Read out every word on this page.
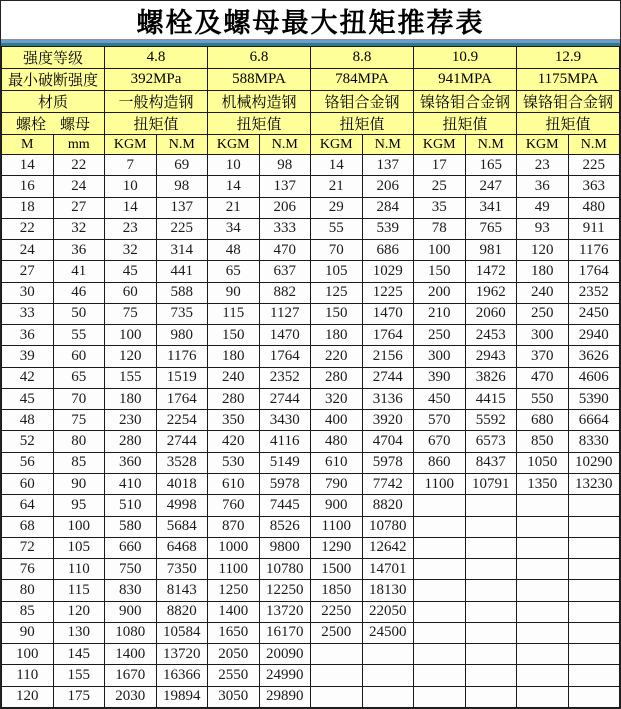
螺栓及螺母最大扭矩推荐表
强度等级		4.8		6.8		8.8		10.9		12.9	
最小破断强度		392MPa		588MPA		784MPA		941MPA		1175MPA	
材质		一般构造钢		机械构造钢		铬钼合金钢		镍铬钼合金钢		镍铬钼合金钢	

螺栓 螺母		扭矩值		扭矩值		扭矩值		扭矩值		扭矩值	
M	mm	KGM	N.M	KGM	N.M	KGM	N.M	KGM	N.M	KGM	N.M
14	22	7	69	10	98	14	137	17	165	23	225
16	24	10	98	14	137	21	206	25	247	36	363
18	27	14	137	21	206	29	284	35	341	49	480
22	32	23	225	34	333	55	539	78	765	93	911
24	36	32	314	48	470	70	686	100	981	120	1176
27	41	45	441	65	637	105	1029	150	1472	180	1764
30	46	60	588	90	882	125	1225	200	1962	240	2352
33	50	75	735	115	1127	150	1470	210	2060	250	2450
36	55	100	980	150	1470	180	1764	250	2453	300	2940
39	60	120	1176	180	1764	220	2156	300	2943	370	3626
42	65	155	1519	240	2352	280	2744	390	3826	470	4606
45	70	180	1764	280	2744	320	3136	450	4415	550	5390
48	75	230	2254	350	3430	400	3920	570	5592	680	6664
52	80	280	2744	420	4116	480	4704	670	6573	850	8330
56	85	360	3528	530	5149	610	5978	860	8437	1050	10290
60	90	410	4018	610	5978	790	7742	1100	10791	1350	13230
64	95	510	4998	760	7445	900	8820				
68	100	580	5684	870	8526	1100	10780				
72	105	660	6468	1000	9800	1290	12642				
76	110	750	7350	1100	10780	1500	14701				
80	115	830	8143	1250	12250	1850	18130				
85	120	900	8820	1400	13720	2250	22050				
90	130	1080	10584	1650	16170	2500	24500				
100	145	1400	13720	2050	20090						
110	155	1670	16366	2550	24990						
120	175	2030	19894	3050	29890						
